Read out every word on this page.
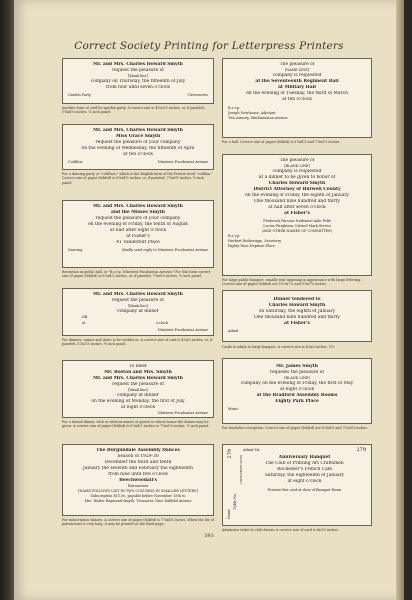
Correct Society Printing for Letterpress Printers
Mr. and Mrs. Charles Howard Smyth
request the pleasure of
[blank line]
company on Thursday, the fifteenth of July
from four until seven o'clock
Garden Party	Greenacres
Another form of card for garden party. A correct size is 4⅝x3⅛ inches, or, if paneled, 5¾x4⅜ inches, ¾ inch panel.
Mr. and Mrs. Charles Howard Smyth
Miss Grace Smyth
request the pleasure of your company
on the evening of Wednesday, the fifteenth of April
at ten o'clock
Cotillion	Nineteen Pocahontas Avenue
For a dancing party or "cotillion," which is the English form of the French word "cotillon." Correct size of paper (folded) is 6¾x4⅞ inches, or, if paneled, 7¾x5½ inches, ½ inch panel.
Mr. and Mrs. Charles Howard Smyth
and the Misses Smyth
request the pleasure of your company
on the evening of Friday, the tenth of August
at half after eight o'clock
at Fisher's
41 Vanderbilt Place
Dancing	Kindly send reply to Nineteen Pocahontas Avenue
Reception in public hall, or "R.s.v.p. Nineteen Pocahontas Avenue." For this form correct size of paper (folded) is 6⅞x4⅞ inches, or, if paneled, 7¾x5⅝ inches, ½ inch panel.
Mr. and Mrs. Charles Howard Smyth
request the pleasure of
[blank line]
company at dinner
on
at	o'clock
Nineteen Pocahontas Avenue
For dinners, names and dates to be written in. A correct size of card is 4⅜x3 inches, or, if paneled, 5⅞x3⅞ inches, ½ inch panel.
To meet
Mr. Boston and Mrs. Smyth
Mr. and Mrs. Charles Howard Smyth
request the pleasure of
[blank line]
company at dinner
on the evening of Monday, the first of July
at eight o'clock
Nineteen Pocahontas Avenue
For a formal dinner, with or without names of guests in whose honor the dinner may be given. A correct size of paper (folded) is 6⅞x4⅞ inches or 7¼x5¼ inches, ½ inch panel.
The Burgundale Assembly Dances
Season of 1929-30
December the third and tenth
January the seventh and February the eighteenth
from nine until five o'clock
Beechwoodall's
Patronesses
[NAME FOLLOWS LIST IN TWO COLUMNS IN SMALLER LETTERS]
Subscription $15.00, payable before November 15th to
Mrs. Walter Raymond Smyth, Treasurer, Nine Dalfield Avenue
For subscription dances. A correct size of paper (folded) is 7⅞x4⅝ inches. When the list of patronesses is very long, it may be printed on the third page.
The pleasure of
[NAME LINE]
company is requested
at the Seventeenth Regiment Ball
at Military Hall
on the evening of Tuesday, the third of March
at ten o'clock
R.s.v.p.
Joseph Newhouse, Adjutant
Two Armory, Minhiassaton Avenue
For a ball. Correct size of paper (folded) is 6⅞x4⅞ and 7⅝x5⅛ inches.
The pleasure of
[BLANK LINE]
company is requested
at a dinner to be given to honor of
Charles Howard Smyth
District Attorney of Burwell County
on the evening of Friday, the eighth of January
One thousand nine hundred and thirty
at half after seven o'clock
at Fisher's
Frederick Parsons Nathaniel Aide Pelle
Lucius Wrightson Colonel Mark Steven
(AND OTHER NAMES OF COMMITTEE)
R.s.v.p.
Herbert Rutheringe, Secretary
Eighty-Nine Neptune Place
For large public banquet, usually sent imposing in appearance with large lettering. Correct size of paper (folded) are 10⅝x7⅛ and 9⅞x7⅝ inches.
Dinner tendered to
Charles Howard Smyth
on Saturday, the eighth of January
One thousand nine hundred and thirty
at Fisher's
Admit
Cards to admit to large banquet. A correct size is 4¼x3 inches, 1⅛.
Mr. James Smyth
requests the pleasure of
[BLANK LINE]
company on the evening of Friday, the first of May
at eight o'clock
at the Bradford Assembly Rooms
Eighty Park Place
Music
For bachelor's reception. Correct size of paper (folded) are 6⅞x4⅞ and 7⅝x5¼ inches.
279
Name
Table No.
[SIGNATURE LINE]
Admit Mr.	279
Anniversary Banquet
The Club of Printing Art Craftsmen
Rochester's French Cafe
Saturday, the eighteenth of January
at eight o'clock
Present this card at door of Banquet Room
Admission ticket to club dinner. A correct size of card is 6x3⅞ inches.
393
